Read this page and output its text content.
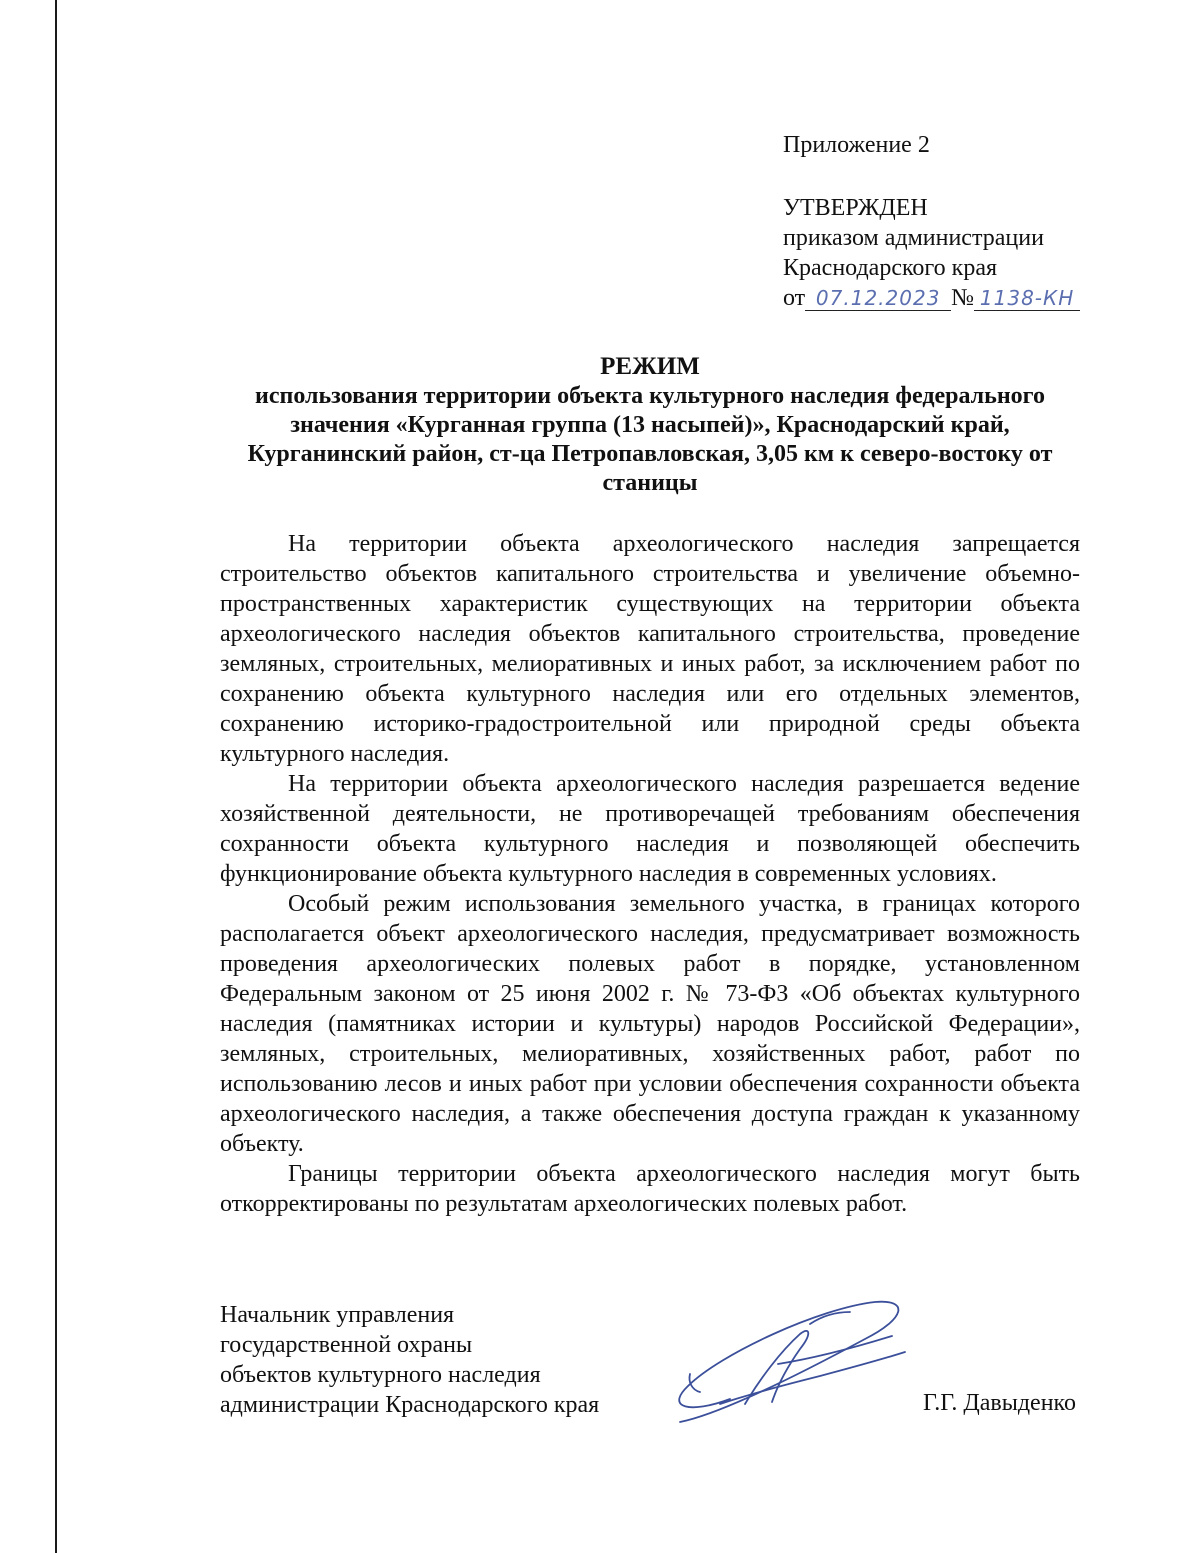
Приложение 2
УТВЕРЖДЕН
приказом администрации
Краснодарского края
от 07.12.2023 № 1138-КН
РЕЖИМ
использования территории объекта культурного наследия федерального значения «Курганная группа (13 насыпей)», Краснодарский край, Курганинский район, ст-ца Петропавловская, 3,05 км к северо-востоку от станицы

На территории объекта археологического наследия запрещается строительство объектов капитального строительства и увеличение объемно-пространственных характеристик существующих на территории объекта археологического наследия объектов капитального строительства, проведение земляных, строительных, мелиоративных и иных работ, за исключением работ по сохранению объекта культурного наследия или его отдельных элементов, сохранению историко-градостроительной или природной среды объекта культурного наследия.

На территории объекта археологического наследия разрешается ведение хозяйственной деятельности, не противоречащей требованиям обеспечения сохранности объекта культурного наследия и позволяющей обеспечить функционирование объекта культурного наследия в современных условиях.

Особый режим использования земельного участка, в границах которого располагается объект археологического наследия, предусматривает возможность проведения археологических полевых работ в порядке, установленном Федеральным законом от 25 июня 2002 г. № 73-ФЗ «Об объектах культурного наследия (памятниках истории и культуры) народов Российской Федерации», земляных, строительных, мелиоративных, хозяйственных работ, работ по использованию лесов и иных работ при условии обеспечения сохранности объекта археологического наследия, а также обеспечения доступа граждан к указанному объекту.

Границы территории объекта археологического наследия могут быть откорректированы по результатам археологических полевых работ.

Начальник управления
государственной охраны
объектов культурного наследия
администрации Краснодарского края	Г.Г. Давыденко
